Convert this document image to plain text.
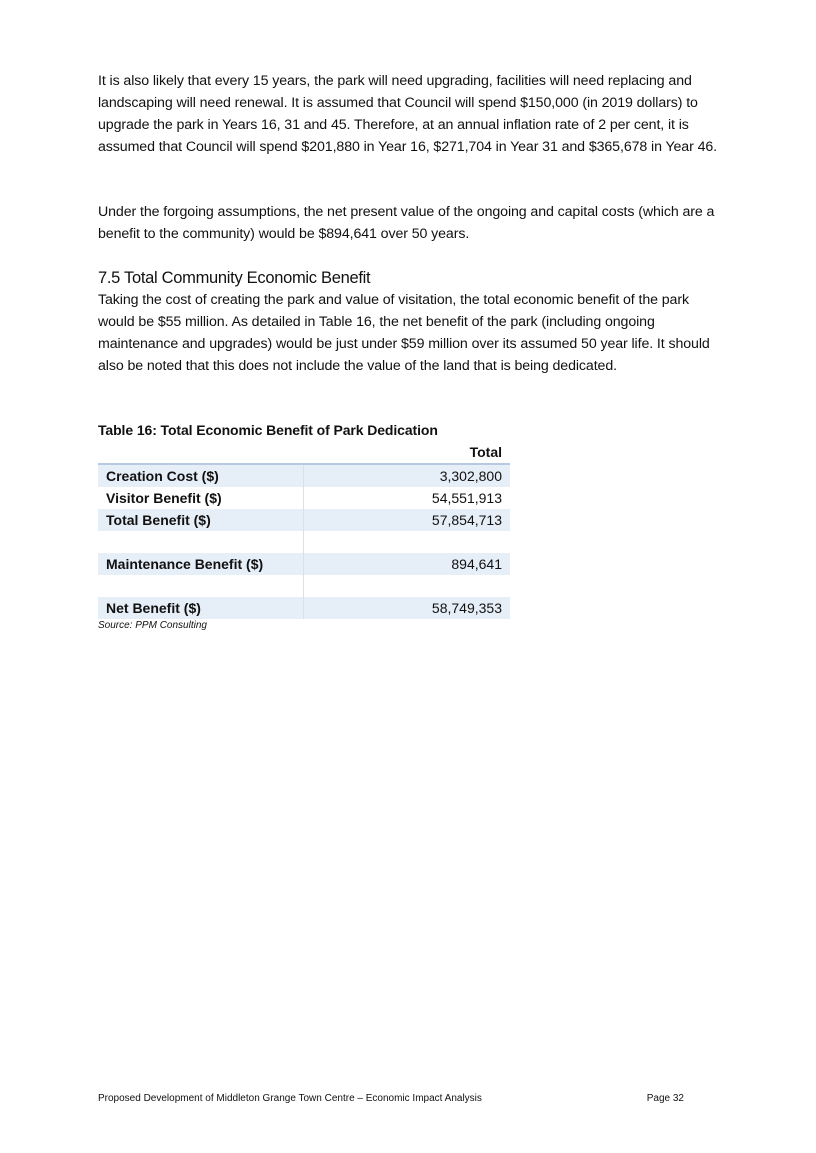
It is also likely that every 15 years, the park will need upgrading, facilities will need replacing and landscaping will need renewal. It is assumed that Council will spend $150,000 (in 2019 dollars) to upgrade the park in Years 16, 31 and 45. Therefore, at an annual inflation rate of 2 per cent, it is assumed that Council will spend $201,880 in Year 16, $271,704 in Year 31 and $365,678 in Year 46.

Under the forgoing assumptions, the net present value of the ongoing and capital costs (which are a benefit to the community) would be $894,641 over 50 years.

7.5 Total Community Economic Benefit

Taking the cost of creating the park and value of visitation, the total economic benefit of the park would be $55 million. As detailed in Table 16, the net benefit of the park (including ongoing maintenance and upgrades) would be just under $59 million over its assumed 50 year life. It should also be noted that this does not include the value of the land that is being dedicated.

Table 16: Total Economic Benefit of Park Dedication

Total
Creation Cost ($)	3,302,800
Visitor Benefit ($)	54,551,913
Total Benefit ($)	57,854,713
Maintenance Benefit ($)	894,641
Net Benefit ($)	58,749,353
Source: PPM Consulting
Proposed Development of Middleton Grange Town Centre – Economic Impact Analysis	Page 32
